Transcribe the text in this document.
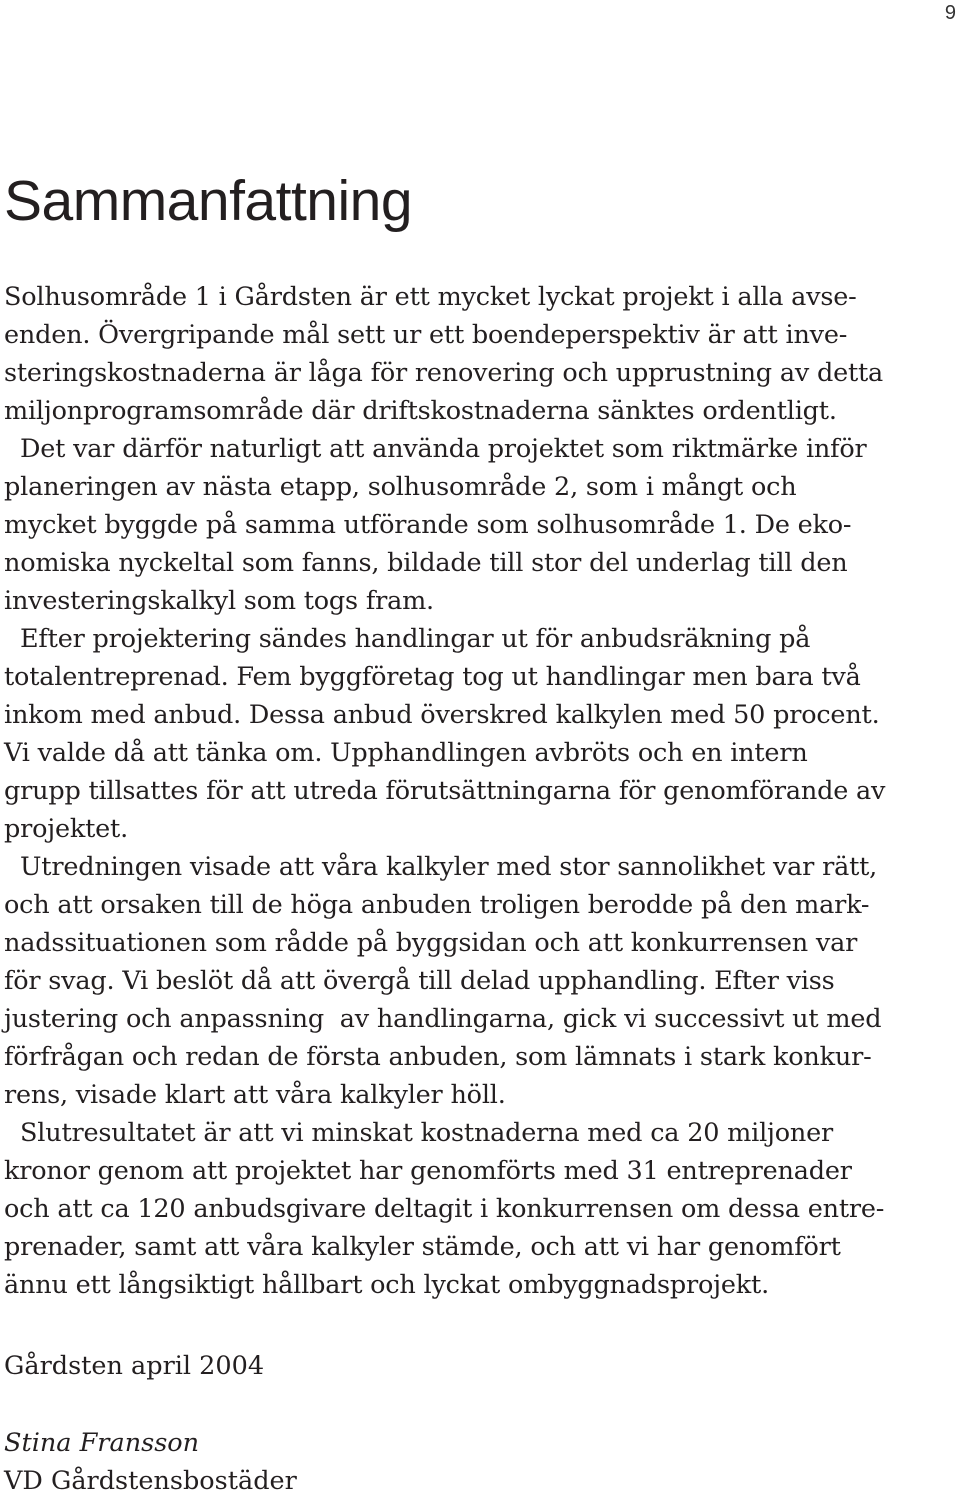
9
Sammanfattning
Solhusområde 1 i Gårdsten är ett mycket lyckat projekt i alla avse-
enden. Övergripande mål sett ur ett boendeperspektiv är att inve-
steringskostnaderna är låga för renovering och upprustning av detta
miljonprogramsområde där driftskostnaderna sänktes ordentligt.
Det var därför naturligt att använda projektet som riktmärke inför
planeringen av nästa etapp, solhusområde 2, som i mångt och
mycket byggde på samma utförande som solhusområde 1. De eko-
nomiska nyckeltal som fanns, bildade till stor del underlag till den
investeringskalkyl som togs fram.
Efter projektering sändes handlingar ut för anbudsräkning på
totalentreprenad. Fem byggföretag tog ut handlingar men bara två
inkom med anbud. Dessa anbud överskred kalkylen med 50 procent.
Vi valde då att tänka om. Upphandlingen avbröts och en intern
grupp tillsattes för att utreda förutsättningarna för genomförande av
projektet.
Utredningen visade att våra kalkyler med stor sannolikhet var rätt,
och att orsaken till de höga anbuden troligen berodde på den mark-
nadssituationen som rådde på byggsidan och att konkurrensen var
för svag. Vi beslöt då att övergå till delad upphandling. Efter viss
justering och anpassning  av handlingarna, gick vi successivt ut med
förfrågan och redan de första anbuden, som lämnats i stark konkur-
rens, visade klart att våra kalkyler höll.
Slutresultatet är att vi minskat kostnaderna med ca 20 miljoner
kronor genom att projektet har genomförts med 31 entreprenader
och att ca 120 anbudsgivare deltagit i konkurrensen om dessa entre-
prenader, samt att våra kalkyler stämde, och att vi har genomfört
ännu ett långsiktigt hållbart och lyckat ombyggnadsprojekt.
Gårdsten april 2004
Stina Fransson
VD Gårdstensbostäder
